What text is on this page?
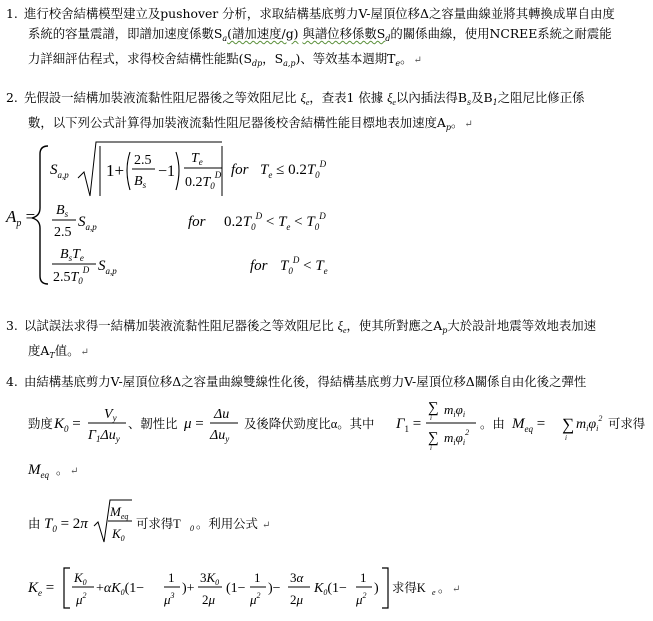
1. 進行校舍結構模型建立及pushover 分析，求取結構基底剪力V-屋頂位移Δ之容量曲線並將其轉換成單自由度
系統的容量震譜，即譜加速度係數$S_a$(譜加速度/g) 與譜位移係數$S_d$的關係曲線，使用NCREE系統之耐震能
力詳細評估程式，求得校舍結構性能點($S_{dp}$，$S_{a,p}$)、等效基本週期$T_e$。↵
2. 先假設一結構加裝液流黏性阻尼器後之等效阻尼比 $\xi_e$，查表1 依據 $\xi_e$以內插法得$B_s$及$B_1$之阻尼比修正係
數，以下列公式計算得加裝液流黏性阻尼器後校舍結構性能目標地表加速度$A_p$。↵
$A_p$ =
$S_{a,p}$ 1+
2.5
$B_s$
−1
$T_e$
$0.2T_0^D$ for $T_e \le 0.2T_0^D$
$B_s$
2.5
$S_{a,p}$	for $0.2T_0^D < T_e < T_0^D$
$B_sT_e$
$2.5T_0^D$ $S_{a,p}$	for $T_0^D < T_e$
3. 以試誤法求得一結構加裝液流黏性阻尼器後之等效阻尼比 $\xi_e$，使其所對應之$A_p$大於設計地震等效地表加速
度$A_T$值。↵
4. 由結構基底剪力V-屋頂位移Δ之容量曲線雙線性化後，得結構基底剪力V-屋頂位移Δ關係自由化後之彈性
勁度 $K_0$ =
$V_y$
$\Gamma_1\Delta u_y$
、韌性比 μ =
Δu
$\Delta u_y$
及後降伏勁度比α。其中 $\Gamma_1$ =
∑
i
$m_i\varphi_i$
∑
i
$m_i\varphi_i^2$
。由 $M_{eq}$ = ∑
i
$m_i\varphi_i^2$ 可求得
$M_{eq}$ 。 ↵
由 $T_0 = 2\pi$
$M_{eq}$
$K_0$
可求得T 0 。利用公式 ↵
$K_e$ =
$K_0$
$\mu^2 +\alpha K_0(1-$
1
$\mu^3$ )+
$3K_0$
2μ
(1−
1
$\mu^2$ )−
3α
2μ
$K_0(1-$
1
$\mu^2$ ) 求得K e 。 ↵
